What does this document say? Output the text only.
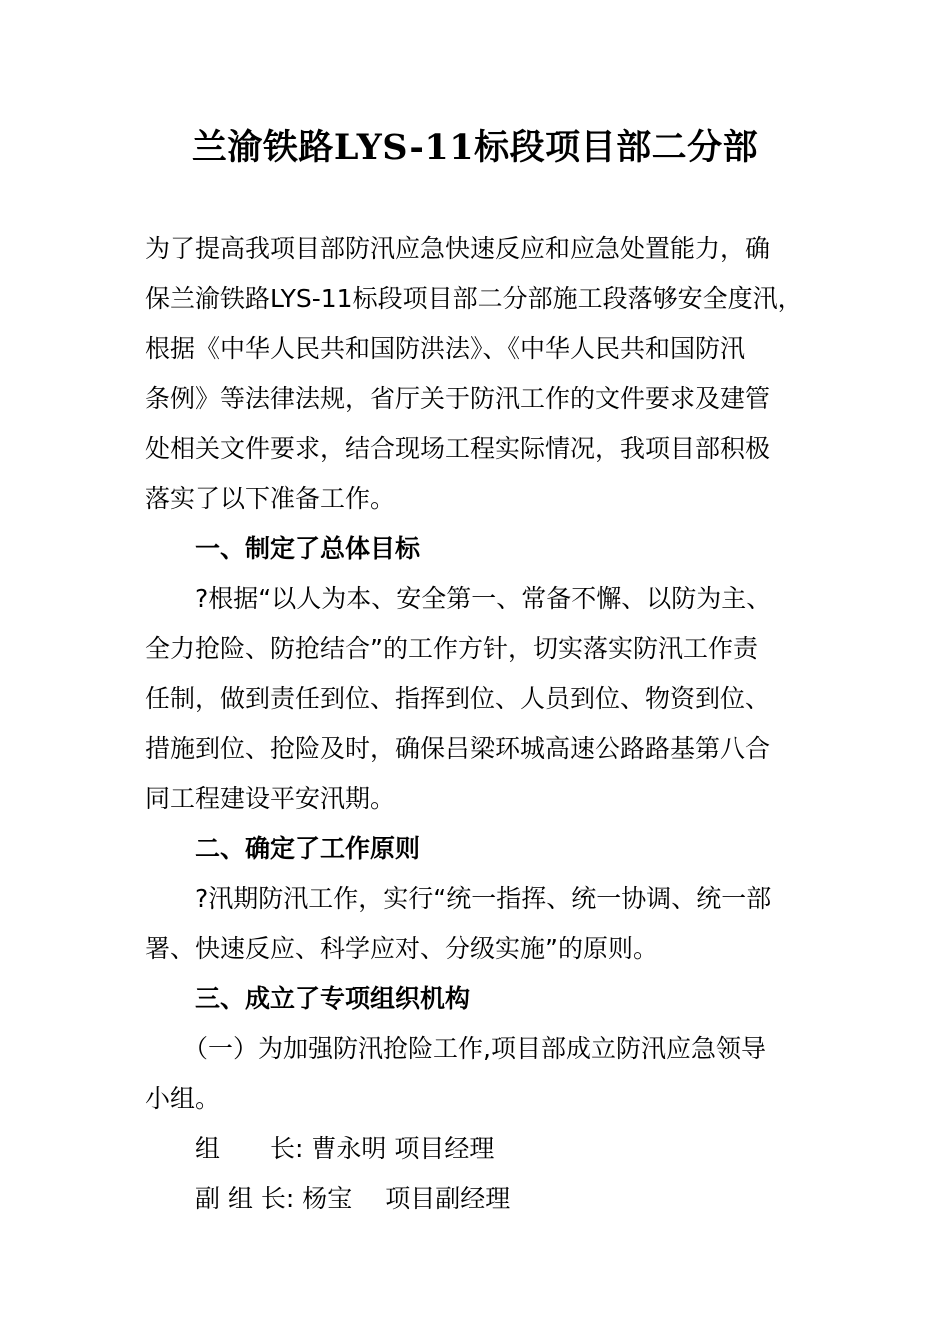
兰渝铁路LYS-11标段项目部二分部
为了提高我项目部防汛应急快速反应和应急处置能力，确
保兰渝铁路LYS-11标段项目部二分部施工段落够安全度汛，
根据《中华人民共和国防洪法》、《中华人民共和国防汛
条例》等法律法规，省厅关于防汛工作的文件要求及建管
处相关文件要求，结合现场工程实际情况，我项目部积极
落实了以下准备工作。
一、制定了总体目标
?根据“以人为本、安全第一、常备不懈、以防为主、
全力抢险、防抢结合”的工作方针，切实落实防汛工作责
任制，做到责任到位、指挥到位、人员到位、物资到位、
措施到位、抢险及时，确保吕梁环城高速公路路基第八合
同工程建设平安汛期。
二、确定了工作原则
?汛期防汛工作，实行“统一指挥、统一协调、统一部
署、快速反应、科学应对、分级实施”的原则。
三、成立了专项组织机构
（一）为加强防汛抢险工作,项目部成立防汛应急领导
小组。
组　　长: 曹永明 项目经理
副 组 长: 杨宝　 项目副经理
